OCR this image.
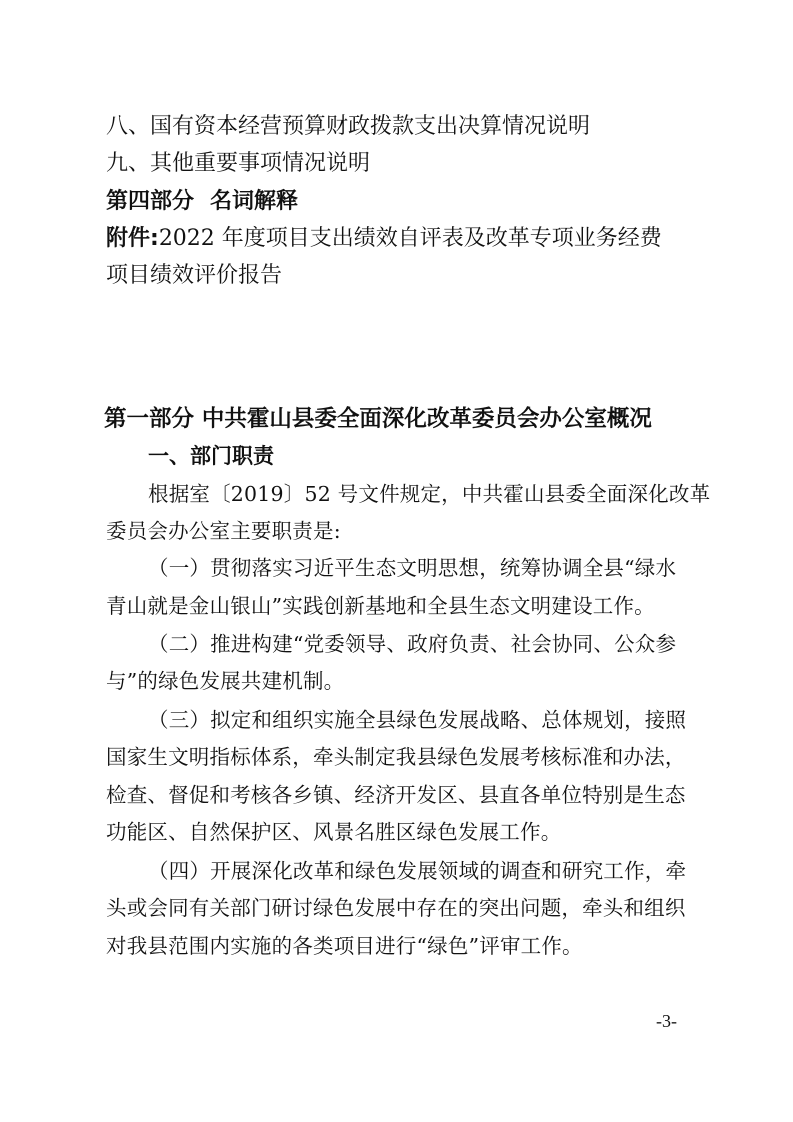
八、国有资本经营预算财政拨款支出决算情况说明
九、其他重要事项情况说明
第四部分 名词解释
附件:2022 年度项目支出绩效自评表及改革专项业务经费
项目绩效评价报告
第一部分 中共霍山县委全面深化改革委员会办公室概况
一、部门职责
根据室〔2019〕52 号文件规定，中共霍山县委全面深化改革
委员会办公室主要职责是:
（一）贯彻落实习近平生态文明思想，统筹协调全县“绿水
青山就是金山银山”实践创新基地和全县生态文明建设工作。
（二）推进构建“党委领导、政府负责、社会协同、公众参
与”的绿色发展共建机制。
（三）拟定和组织实施全县绿色发展战略、总体规划，接照
国家生文明指标体系，牵头制定我县绿色发展考核标准和办法，
检查、督促和考核各乡镇、经济开发区、县直各单位特别是生态
功能区、自然保护区、风景名胜区绿色发展工作。
（四）开展深化改革和绿色发展领域的调查和研究工作，牵
头或会同有关部门研讨绿色发展中存在的突出问题，牵头和组织
对我县范围内实施的各类项目进行“绿色”评审工作。
-3-
